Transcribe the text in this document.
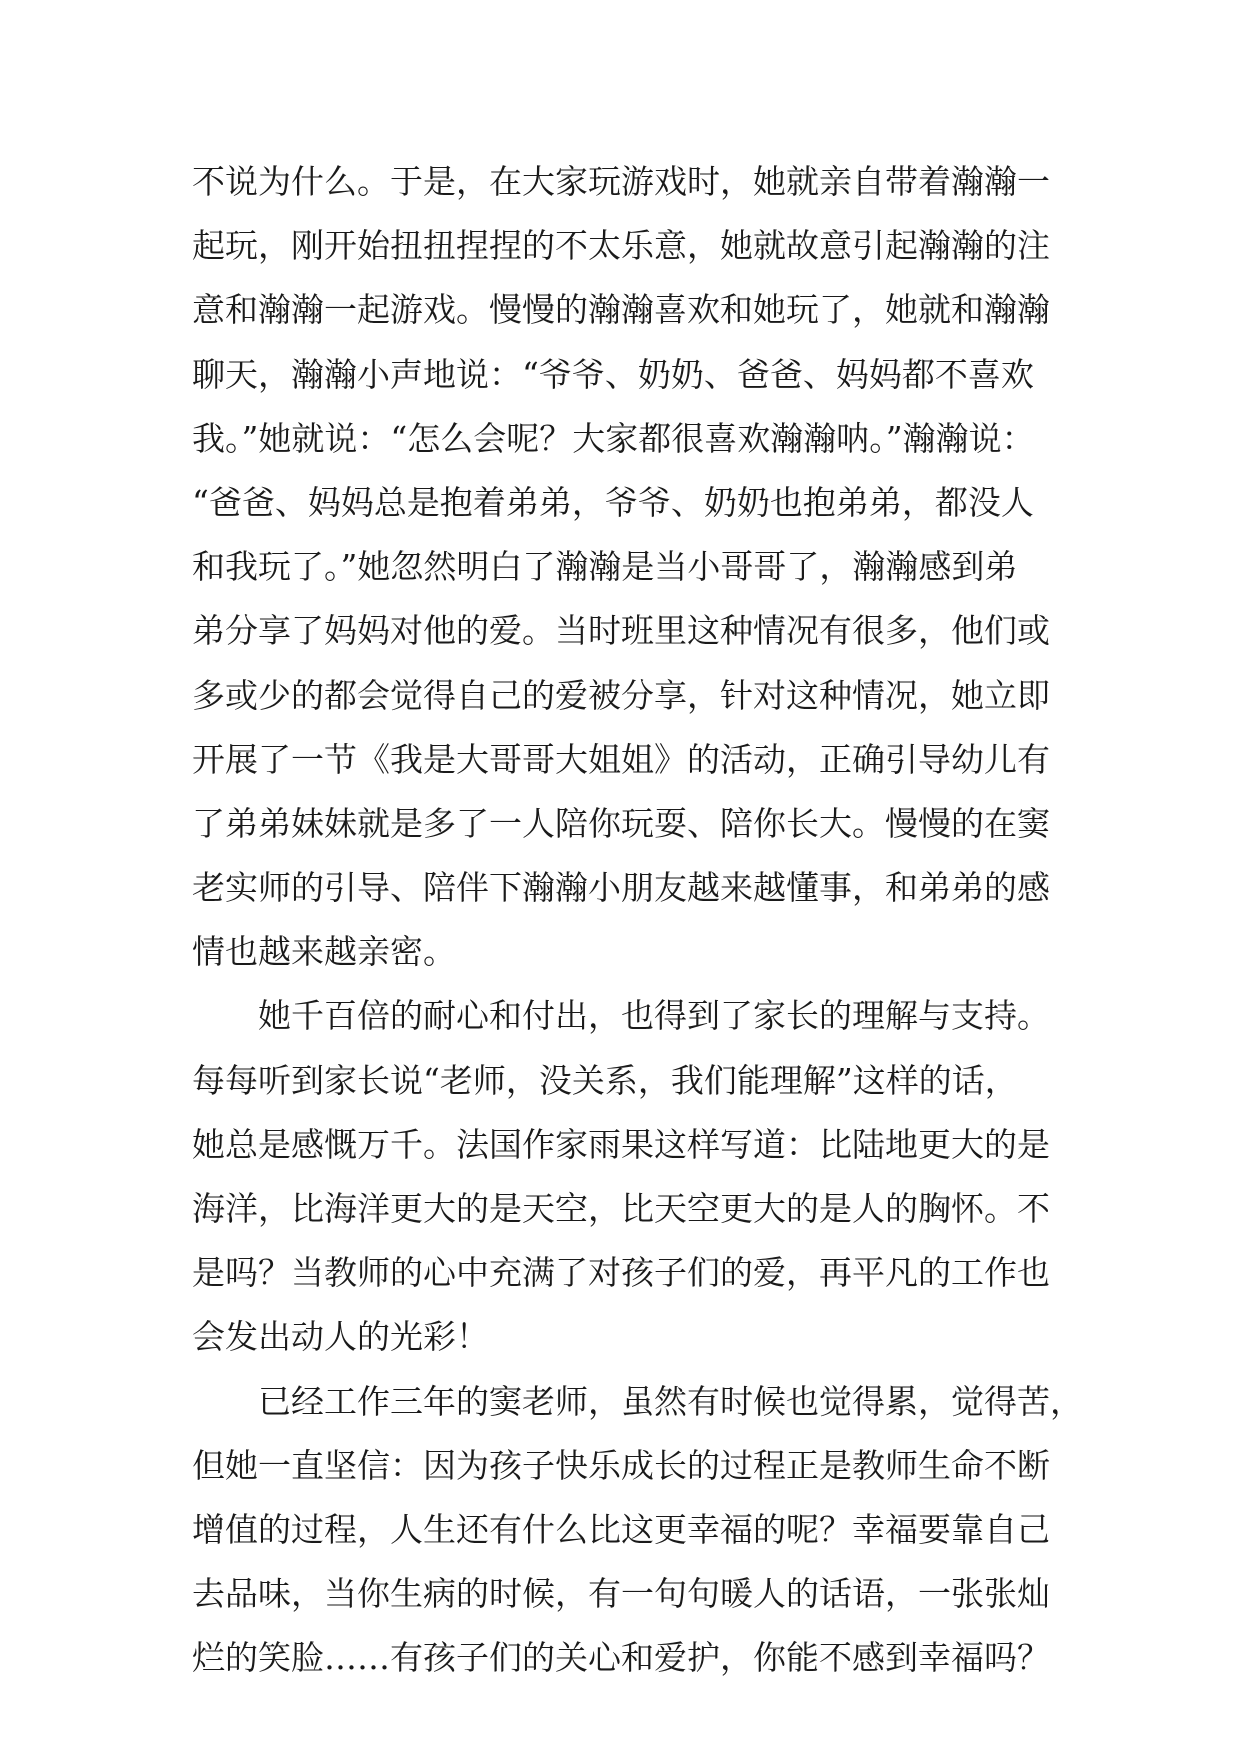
不说为什么。于是，在大家玩游戏时，她就亲自带着瀚瀚一
起玩，刚开始扭扭捏捏的不太乐意，她就故意引起瀚瀚的注
意和瀚瀚一起游戏。慢慢的瀚瀚喜欢和她玩了，她就和瀚瀚
聊天，瀚瀚小声地说：“爷爷、奶奶、爸爸、妈妈都不喜欢
我。”她就说：“怎么会呢？大家都很喜欢瀚瀚呐。”瀚瀚说：
“爸爸、妈妈总是抱着弟弟，爷爷、奶奶也抱弟弟，都没人
和我玩了。”她忽然明白了瀚瀚是当小哥哥了，瀚瀚感到弟
弟分享了妈妈对他的爱。当时班里这种情况有很多，他们或
多或少的都会觉得自己的爱被分享，针对这种情况，她立即
开展了一节《我是大哥哥大姐姐》的活动，正确引导幼儿有
了弟弟妹妹就是多了一人陪你玩耍、陪你长大。慢慢的在窦
老实师的引导、陪伴下瀚瀚小朋友越来越懂事，和弟弟的感
情也越来越亲密。
　　她千百倍的耐心和付出，也得到了家长的理解与支持。
每每听到家长说“老师，没关系，我们能理解”这样的话，
她总是感慨万千。法国作家雨果这样写道：比陆地更大的是
海洋，比海洋更大的是天空，比天空更大的是人的胸怀。不
是吗？当教师的心中充满了对孩子们的爱，再平凡的工作也
会发出动人的光彩！
　　已经工作三年的窦老师，虽然有时候也觉得累，觉得苦，
但她一直坚信：因为孩子快乐成长的过程正是教师生命不断
增值的过程，人生还有什么比这更幸福的呢？幸福要靠自己
去品味，当你生病的时候，有一句句暖人的话语，一张张灿
烂的笑脸……有孩子们的关心和爱护，你能不感到幸福吗？
